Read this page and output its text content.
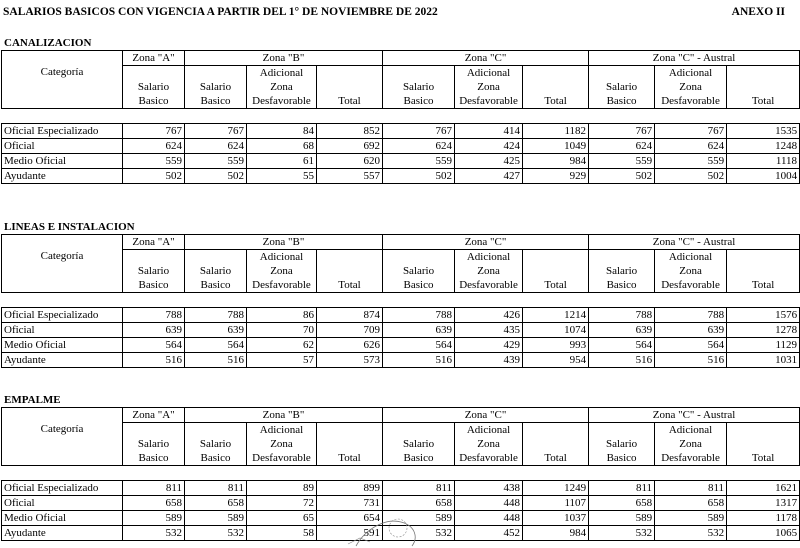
SALARIOS BASICOS CON VIGENCIA A PARTIR DEL 1° DE NOVIEMBRE DE 2022	ANEXO II
CANALIZACION
Categoría	Zona "A"	Zona "B"			Zona "C"			Zona "C" - Austral		
			Adicional			Adicional			Adicional	
	Salario	Salario	Zona		Salario	Zona		Salario	Zona	
	Basico	Basico	Desfavorable	Total	Basico	Desfavorable	Total	Basico	Desfavorable	Total

Oficial Especializado	767	767	84	852	767	414	1182	767	767	1535
Oficial	624	624	68	692	624	424	1049	624	624	1248
Medio Oficial	559	559	61	620	559	425	984	559	559	1118
Ayudante	502	502	55	557	502	427	929	502	502	1004
LINEAS E INSTALACION
Categoría	Zona "A"	Zona "B"			Zona "C"			Zona "C" - Austral		
			Adicional			Adicional			Adicional	
	Salario	Salario	Zona		Salario	Zona		Salario	Zona	
	Basico	Basico	Desfavorable	Total	Basico	Desfavorable	Total	Basico	Desfavorable	Total

Oficial Especializado	788	788	86	874	788	426	1214	788	788	1576
Oficial	639	639	70	709	639	435	1074	639	639	1278
Medio Oficial	564	564	62	626	564	429	993	564	564	1129
Ayudante	516	516	57	573	516	439	954	516	516	1031
EMPALME
Categoría	Zona "A"	Zona "B"			Zona "C"			Zona "C" - Austral		
			Adicional			Adicional			Adicional	
	Salario	Salario	Zona		Salario	Zona		Salario	Zona	
	Basico	Basico	Desfavorable	Total	Basico	Desfavorable	Total	Basico	Desfavorable	Total

Oficial Especializado	811	811	89	899	811	438	1249	811	811	1621
Oficial	658	658	72	731	658	448	1107	658	658	1317
Medio Oficial	589	589	65	654	589	448	1037	589	589	1178
Ayudante	532	532	58	591	532	452	984	532	532	1065
